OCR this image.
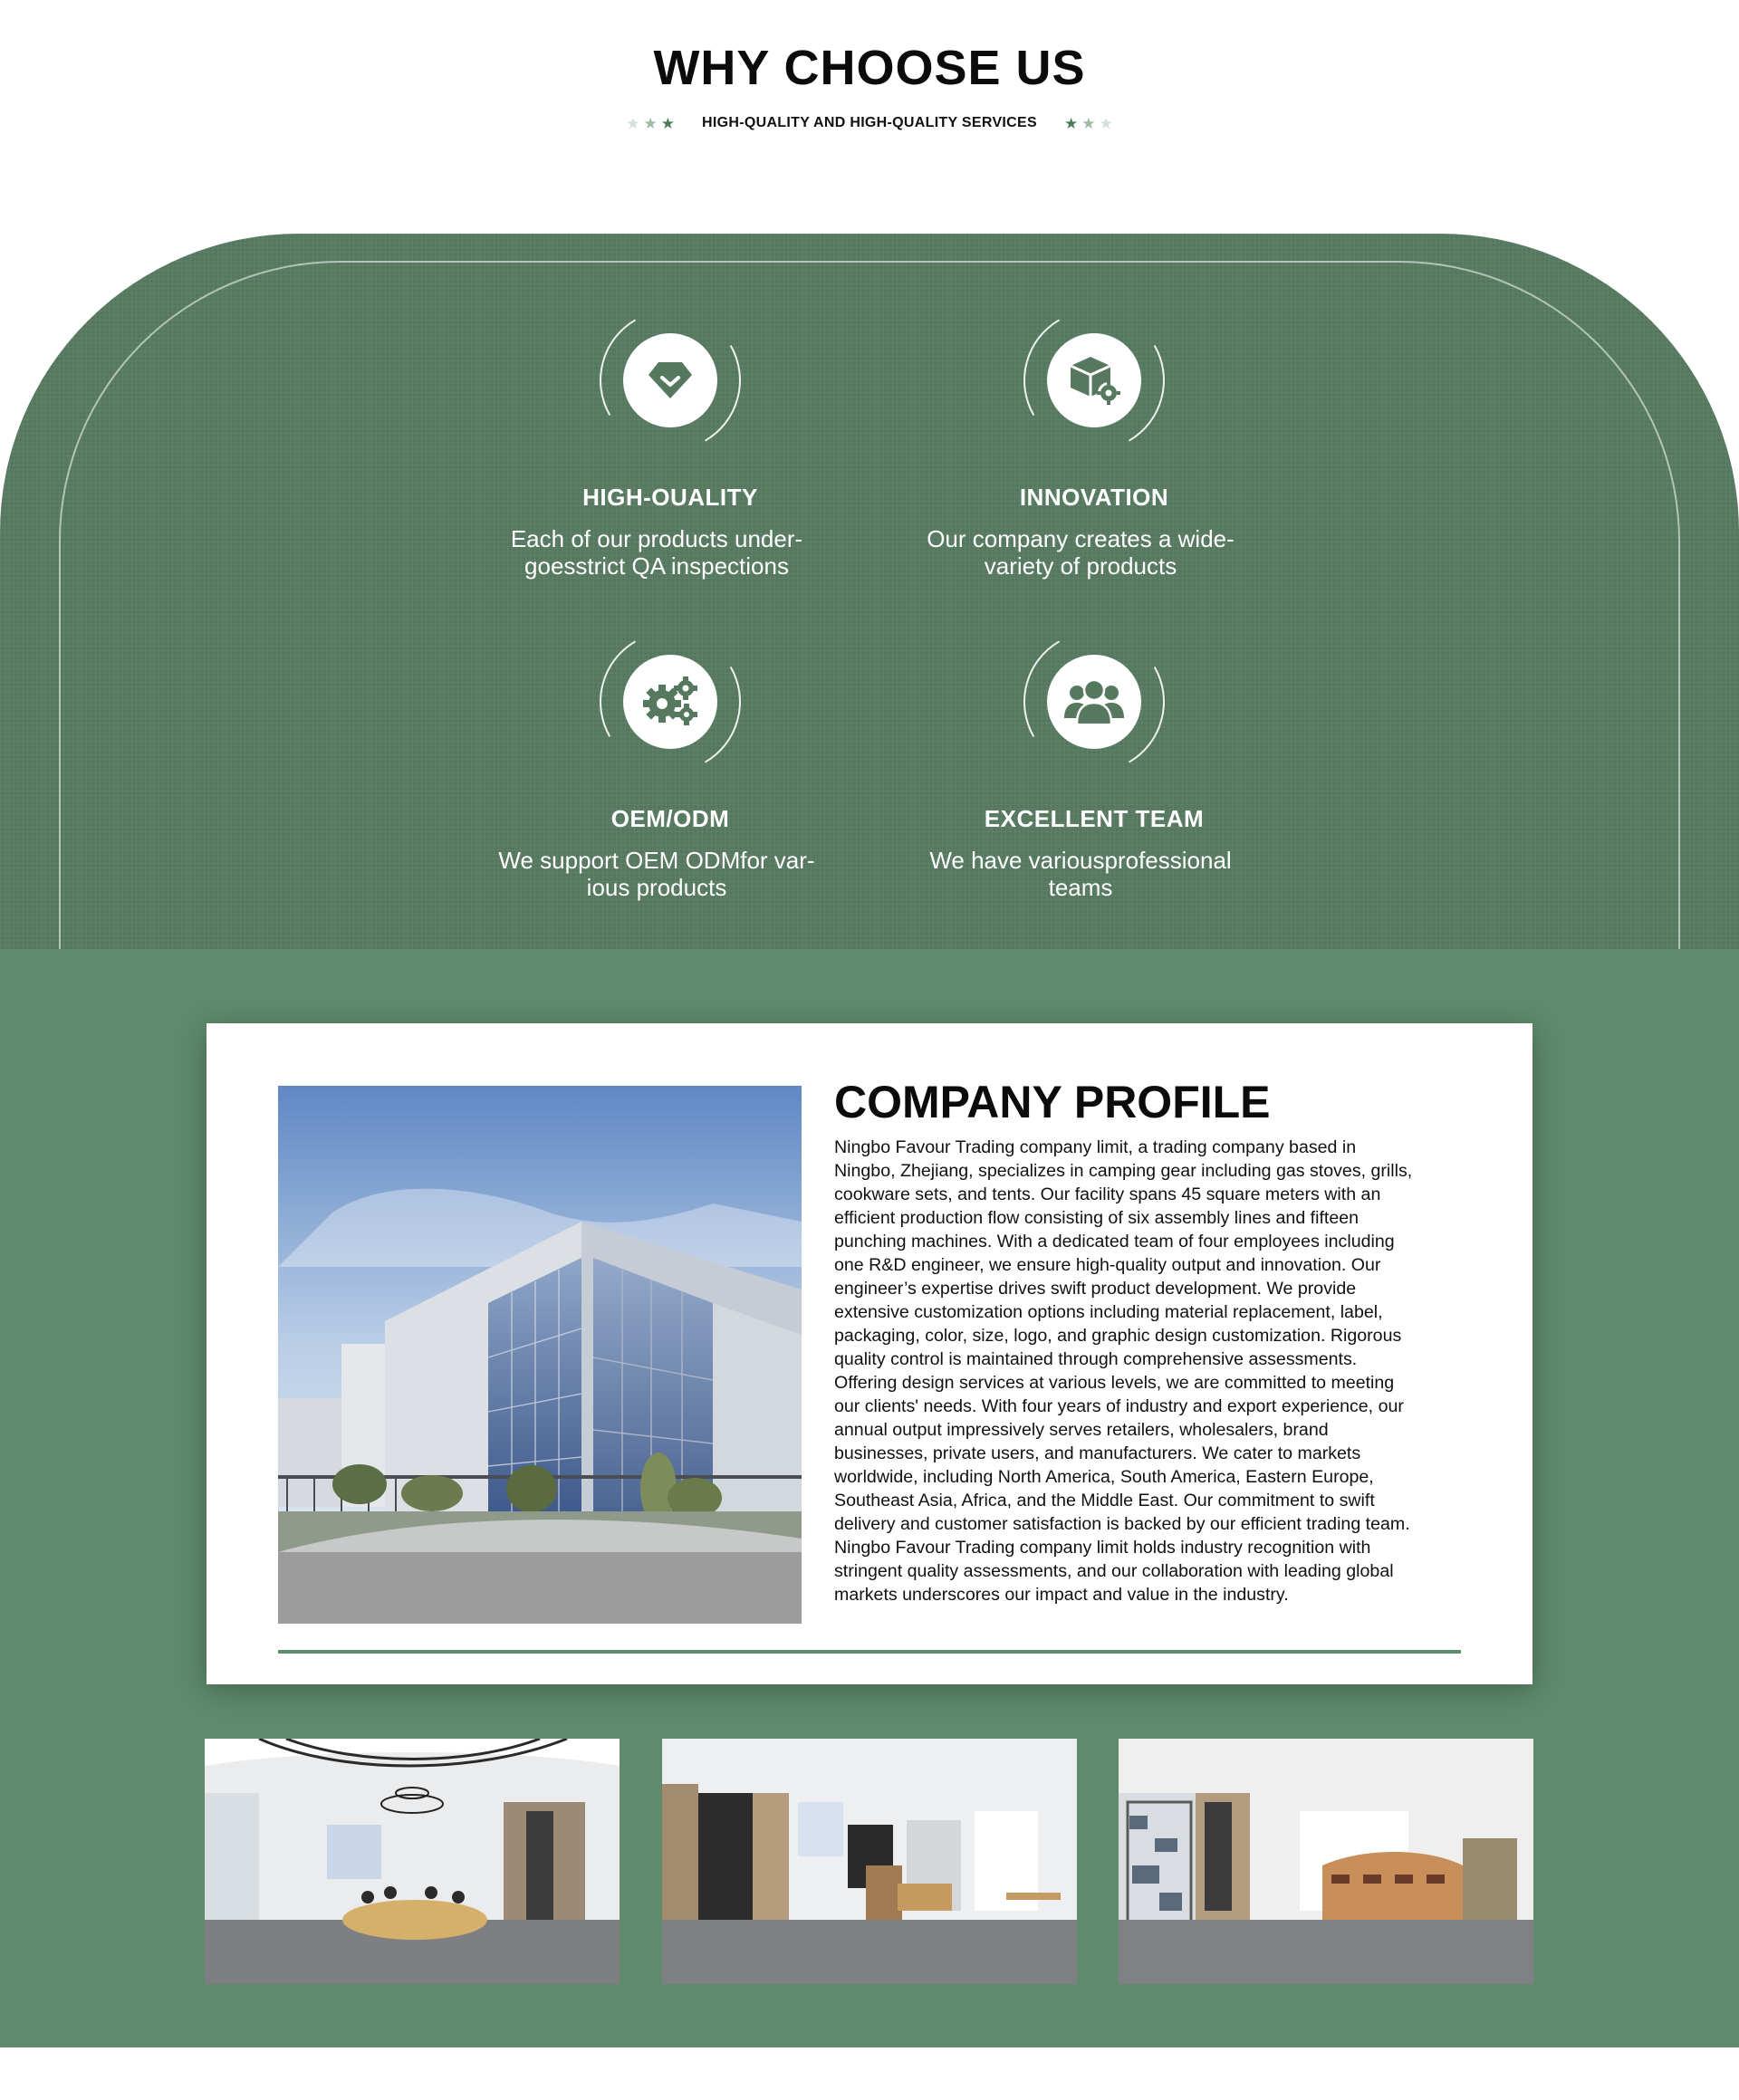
WHY CHOOSE US
★ ★ ★ HIGH-QUALITY AND HIGH-QUALITY SERVICES ★ ★ ★
HIGH-OUALITY

Each of our products under-

goesstrict QA inspections

INNOVATION

Our company creates a wide-

variety of products

OEM/ODM

We support OEM ODMfor var-

ious products

EXCELLENT TEAM

We have variousprofessional

teams

COMPANY PROFILE

Ningbo Favour Trading company limit, a trading company based in Ningbo, Zhejiang, specializes in camping gear including gas stoves, grills, cookware sets, and tents. Our facility spans 45 square meters with an efficient production flow consisting of six assembly lines and fifteen punching machines. With a dedicated team of four employees including one R&D engineer, we ensure high-quality output and innovation. Our engineer’s expertise drives swift product development. We provide extensive customization options including material replacement, label, packaging, color, size, logo, and graphic design customization. Rigorous quality control is maintained through comprehensive assessments. Offering design services at various levels, we are committed to meeting our clients' needs. With four years of industry and export experience, our annual output impressively serves retailers, wholesalers, brand businesses, private users, and manufacturers. We cater to markets worldwide, including North America, South America, Eastern Europe, Southeast Asia, Africa, and the Middle East. Our commitment to swift delivery and customer satisfaction is backed by our efficient trading team. Ningbo Favour Trading company limit holds industry recognition with stringent quality assessments, and our collaboration with leading global markets underscores our impact and value in the industry.
